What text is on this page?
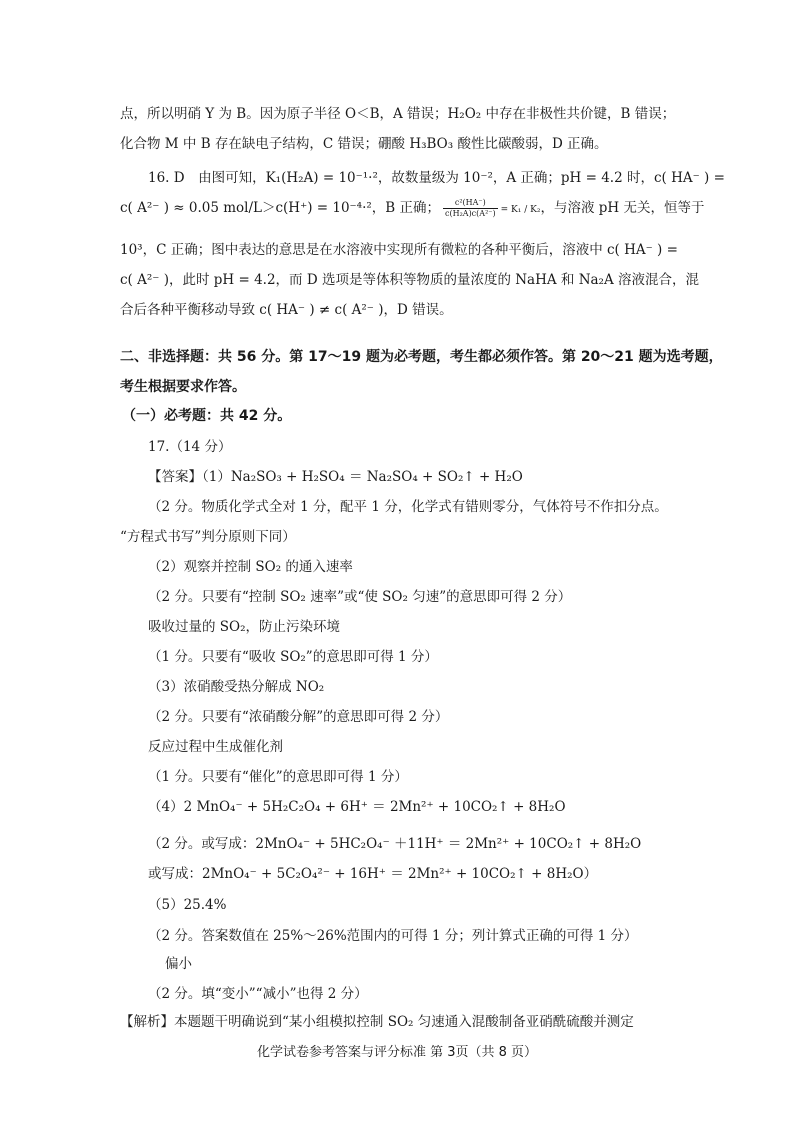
点，所以明硝 Y 为 B。因为原子半径 O＜B，A 错误；H₂O₂ 中存在非极性共价键，B 错误；
化合物 M 中 B 存在缺电子结构，C 错误；硼酸 H₃BO₃ 酸性比碳酸弱，D 正确。
16. D　由图可知，K₁(H₂A) = 10⁻¹·²，故数量级为 10⁻²，A 正确；pH = 4.2 时，c( HA⁻ ) =
c( A²⁻ ) ≈ 0.05 mol/L＞c(H⁺) = 10⁻⁴·²，B 正确； $\frac{\text{c²(HA⁻)}}{\text{c(H₂A)c(A²⁻)}} = K_1 / K_2$，与溶液 pH 无关，恒等于
10³，C 正确；图中表达的意思是在水溶液中实现所有微粒的各种平衡后，溶液中 c( HA⁻ ) =
c( A²⁻ )，此时 pH = 4.2，而 D 选项是等体积等物质的量浓度的 NaHA 和 Na₂A 溶液混合，混
合后各种平衡移动导致 c( HA⁻ ) ≠ c( A²⁻ )，D 错误。
二、非选择题：共 56 分。第 17～19 题为必考题，考生都必须作答。第 20～21 题为选考题，
考生根据要求作答。
（一）必考题：共 42 分。
17.（14 分）
【答案】（1）Na₂SO₃ + H₂SO₄ ＝ Na₂SO₄ + SO₂↑ + H₂O
（2 分。物质化学式全对 1 分，配平 1 分，化学式有错则零分，气体符号不作扣分点。
“方程式书写”判分原则下同）
（2）观察并控制 SO₂ 的通入速率
（2 分。只要有“控制 SO₂ 速率”或“使 SO₂ 匀速”的意思即可得 2 分）
吸收过量的 SO₂，防止污染环境
（1 分。只要有“吸收 SO₂”的意思即可得 1 分）
（3）浓硝酸受热分解成 NO₂
（2 分。只要有“浓硝酸分解”的意思即可得 2 分）
反应过程中生成催化剂
（1 分。只要有“催化”的意思即可得 1 分）
（4）2 MnO₄⁻ + 5H₂C₂O₄ + 6H⁺ ＝ 2Mn²⁺ + 10CO₂↑ + 8H₂O
（2 分。或写成：2MnO₄⁻ + 5HC₂O₄⁻ ＋11H⁺ ＝ 2Mn²⁺ + 10CO₂↑ + 8H₂O
或写成：2MnO₄⁻ + 5C₂O₄²⁻ + 16H⁺ ＝ 2Mn²⁺ + 10CO₂↑ + 8H₂O）
（5）25.4%
（2 分。答案数值在 25%～26%范围内的可得 1 分；列计算式正确的可得 1 分）
偏小
（2 分。填“变小”“减小”也得 2 分）
【解析】本题题干明确说到“某小组模拟控制 SO₂ 匀速通入混酸制备亚硝酰硫酸并测定
化学试卷参考答案与评分标准 第 3页（共 8 页）
